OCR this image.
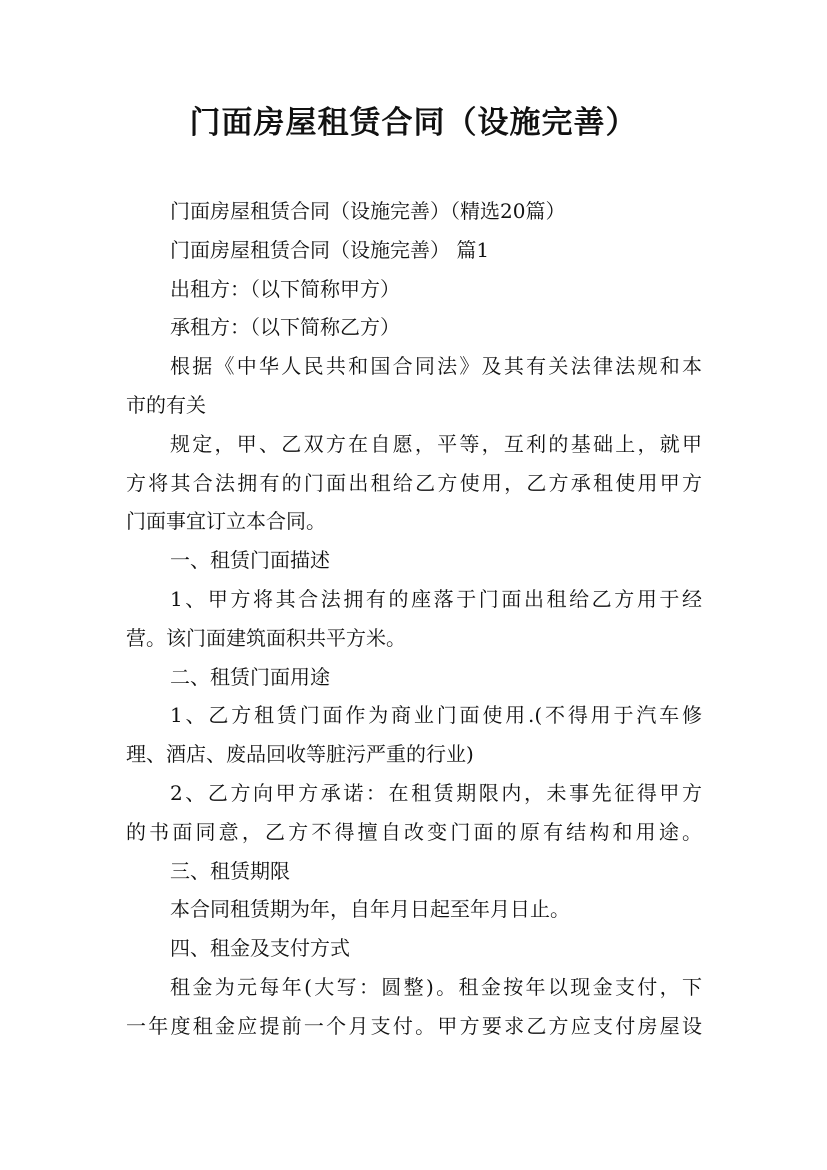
门面房屋租赁合同（设施完善）
门面房屋租赁合同（设施完善）（精选20篇）
门面房屋租赁合同（设施完善） 篇1
出租方：（以下简称甲方）
承租方：（以下简称乙方）
根据《中华人民共和国合同法》及其有关法律法规和本
市的有关
规定，甲、乙双方在自愿，平等，互利的基础上，就甲
方将其合法拥有的门面出租给乙方使用，乙方承租使用甲方
门面事宜订立本合同。
一、租赁门面描述
1、甲方将其合法拥有的座落于门面出租给乙方用于经
营。该门面建筑面积共平方米。
二、租赁门面用途
1、乙方租赁门面作为商业门面使用.(不得用于汽车修
理、酒店、废品回收等脏污严重的行业)
2、乙方向甲方承诺：在租赁期限内，未事先征得甲方
的书面同意，乙方不得擅自改变门面的原有结构和用途。
三、租赁期限
本合同租赁期为年，自年月日起至年月日止。
四、租金及支付方式
租金为元每年(大写：圆整)。租金按年以现金支付，下
一年度租金应提前一个月支付。甲方要求乙方应支付房屋设
